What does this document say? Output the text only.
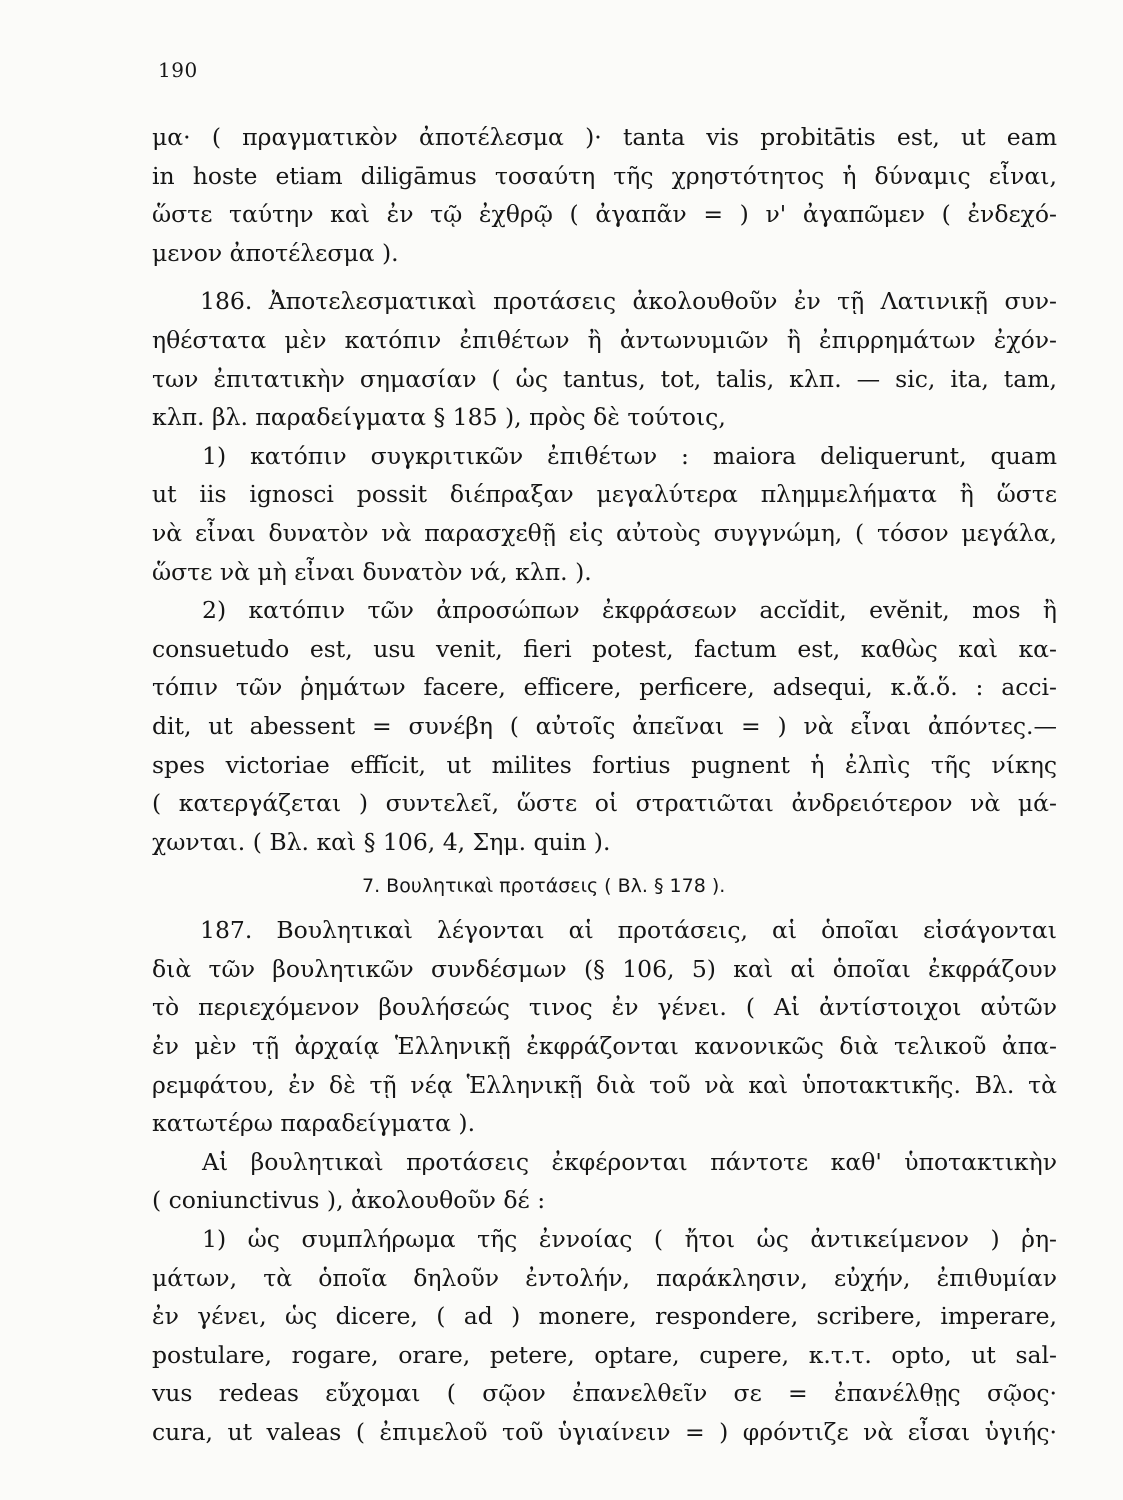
190
μα· ( πραγματικὸν ἀποτέλεσμα )· tanta vis probitātis est, ut eam
in hoste etiam diligāmus τοσαύτη τῆς χρηστότητος ἡ δύναμις εἶναι,
ὥστε ταύτην καὶ ἐν τῷ ἐχθρῷ ( ἀγαπᾶν = ) ν' ἀγαπῶμεν ( ἐνδεχό-
μενον ἀποτέλεσμα ).
186. Ἀποτελεσματικαὶ προτάσεις ἀκολουθοῦν ἐν τῇ Λατινικῇ συν-
ηθέστατα μὲν κατόπιν ἐπιθέτων ἢ ἀντωνυμιῶν ἢ ἐπιρρημάτων ἐχόν-
των ἐπιτατικὴν σημασίαν ( ὡς tantus, tot, talis, κλπ. — sic, ita, tam,
κλπ. βλ. παραδείγματα § 185 ), πρὸς δὲ τούτοις,
1) κατόπιν συγκριτικῶν ἐπιθέτων : maiora deliquerunt, quam
ut iis ignosci possit διέπραξαν μεγαλύτερα πλημμελήματα ἢ ὥστε
νὰ εἶναι δυνατὸν νὰ παρασχεθῇ εἰς αὐτοὺς συγγνώμη, ( τόσον μεγάλα,
ὥστε νὰ μὴ εἶναι δυνατὸν νά, κλπ. ).
2) κατόπιν τῶν ἀπροσώπων ἐκφράσεων accĭdit, evĕnit, mos ἢ
consuetudo est, usu venit, fieri potest, factum est, καθὼς καὶ κα-
τόπιν τῶν ῥημάτων facere, efficere, perficere, adsequi, κ.ἄ.ὅ. : acci-
dit, ut abessent = συνέβη ( αὐτοῖς ἀπεῖναι = ) νὰ εἶναι ἀπόντες.—
spes victoriae effĭcit, ut milites fortius pugnent ἡ ἐλπὶς τῆς νίκης
( κατεργάζεται ) συντελεῖ, ὥστε οἱ στρατιῶται ἀνδρειότερον νὰ μά-
χωνται. ( Βλ. καὶ § 106, 4, Σημ. quin ).
7. Βουλητικαὶ προτάσεις ( Βλ. § 178 ).
187. Βουλητικαὶ λέγονται αἱ προτάσεις, αἱ ὁποῖαι εἰσάγονται
διὰ τῶν βουλητικῶν συνδέσμων (§ 106, 5) καὶ αἱ ὁποῖαι ἐκφράζουν
τὸ περιεχόμενον βουλήσεώς τινος ἐν γένει. ( Αἱ ἀντίστοιχοι αὐτῶν
ἐν μὲν τῇ ἀρχαίᾳ Ἑλληνικῇ ἐκφράζονται κανονικῶς διὰ τελικοῦ ἀπα-
ρεμφάτου, ἐν δὲ τῇ νέᾳ Ἑλληνικῇ διὰ τοῦ νὰ καὶ ὑποτακτικῆς. Βλ. τὰ
κατωτέρω παραδείγματα ).
Αἱ βουλητικαὶ προτάσεις ἐκφέρονται πάντοτε καθ' ὑποτακτικὴν
( coniunctivus ), ἀκολουθοῦν δέ :
1) ὡς συμπλήρωμα τῆς ἐννοίας ( ἤτοι ὡς ἀντικείμενον ) ῥη-
μάτων, τὰ ὁποῖα δηλοῦν ἐντολήν, παράκλησιν, εὐχήν, ἐπιθυμίαν
ἐν γένει, ὡς dicere, ( ad ) monere, respondere, scribere, imperare,
postulare, rogare, orare, petere, optare, cupere, κ.τ.τ. opto, ut sal-
vus redeas εὔχομαι ( σῷον ἐπανελθεῖν σε = ἐπανέλθῃς σῷος·
cura, ut valeas ( ἐπιμελοῦ τοῦ ὑγιαίνειν = ) φρόντιζε νὰ εἶσαι ὑγιής·
